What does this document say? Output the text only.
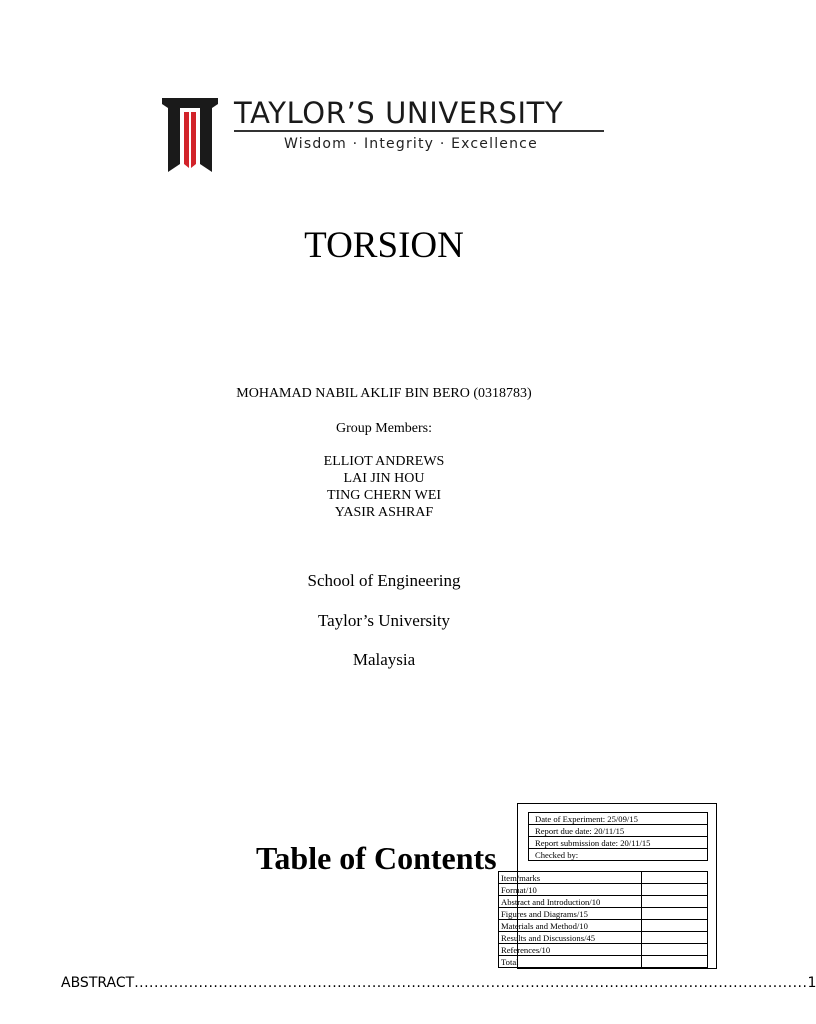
TAYLOR’S UNIVERSITY
Wisdom · Integrity · Excellence
TORSION
MOHAMAD NABIL AKLIF BIN BERO (0318783)
Group Members:
ELLIOT ANDREWS
LAI JIN HOU
TING CHERN WEI
YASIR ASHRAF
School of Engineering
Taylor’s University
Malaysia
Table of Contents
Date of Experiment: 25/09/15
Report due date: 20/11/15
Report submission date: 20/11/15
Checked by:
Item/marks	
Format/10	
Abstract and Introduction/10	
Figures and Diagrams/15	
Materials and Method/10	
Results and Discussions/45	
References/10	
Total	
ABSTRACT ........................................................................................................................................ 1
